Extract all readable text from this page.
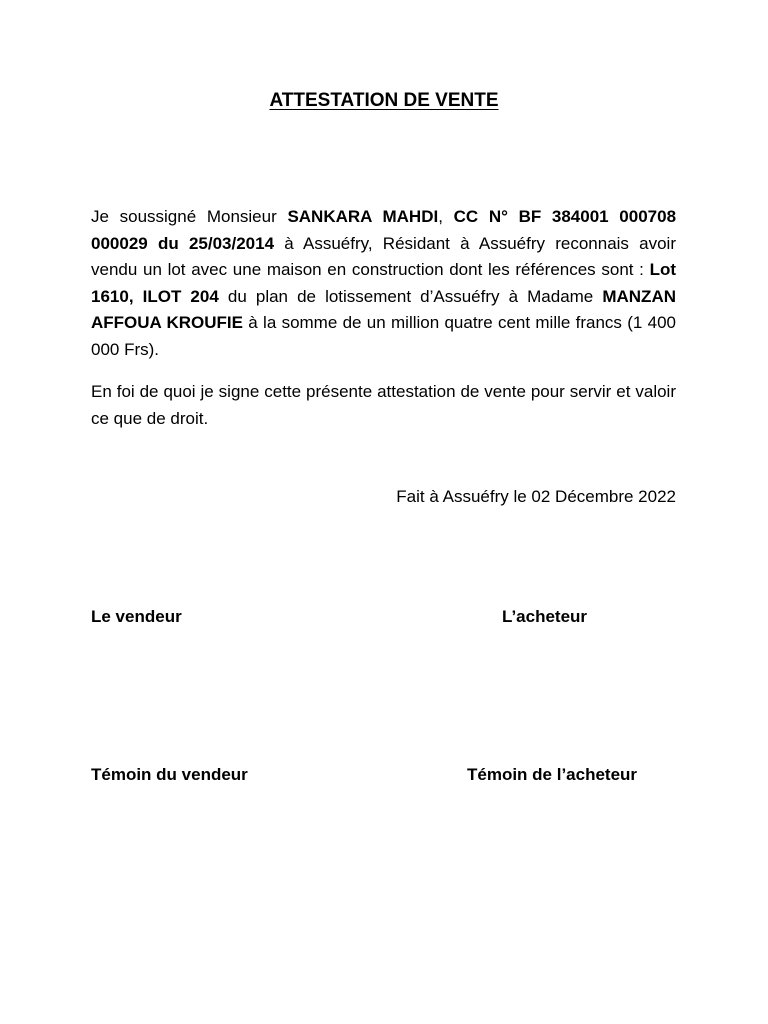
ATTESTATION DE VENTE

Je soussigné Monsieur SANKARA MAHDI, CC N° BF 384001 000708 000029 du 25/03/2014 à Assuéfry, Résidant à Assuéfry reconnais avoir vendu un lot avec une maison en construction dont les références sont : Lot 1610, ILOT 204 du plan de lotissement d’Assuéfry à Madame MANZAN AFFOUA KROUFIE à la somme de un million quatre cent mille francs (1 400 000 Frs).

En foi de quoi je signe cette présente attestation de vente pour servir et valoir ce que de droit.

Fait à Assuéfry le 02 Décembre 2022

Le vendeur	L’acheteur

Témoin du vendeur	Témoin de l’acheteur
